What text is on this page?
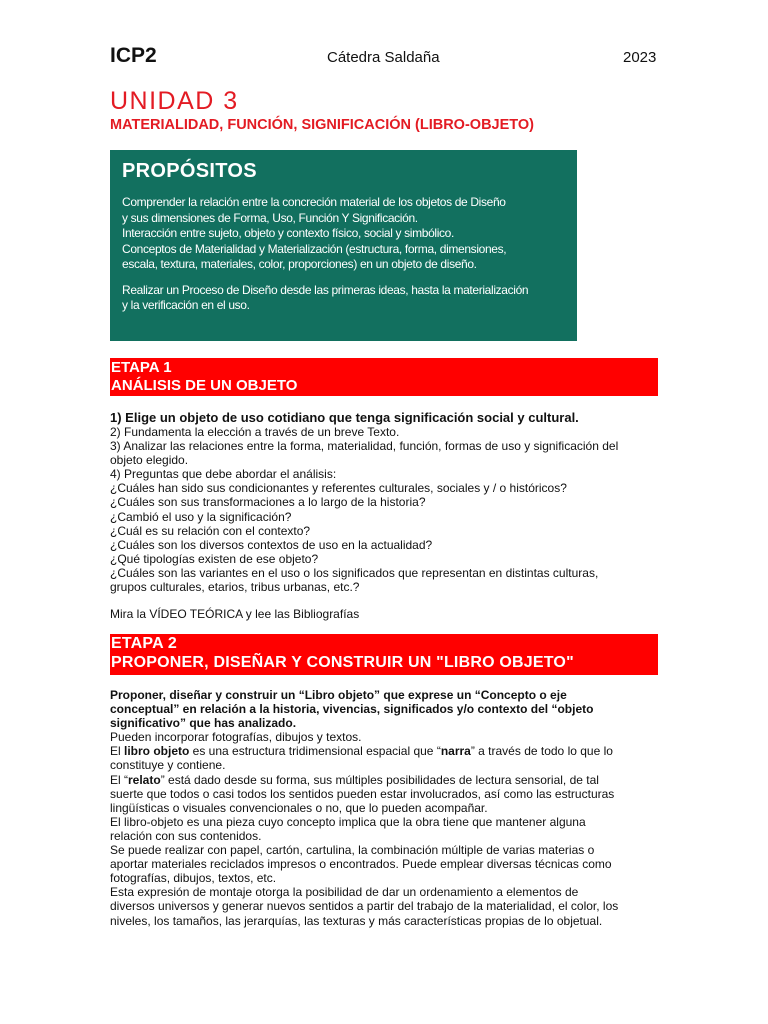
ICP2	Cátedra Saldaña	2023
UNIDAD 3
MATERIALIDAD, FUNCIÓN, SIGNIFICACIÓN (LIBRO-OBJETO)
PROPÓSITOS
Comprender la relación entre la concreción material de los objetos de Diseño
y sus dimensiones de Forma, Uso, Función Y Significación.
Interacción entre sujeto, objeto y contexto físico, social y simbólico.
Conceptos de Materialidad y Materialización (estructura, forma, dimensiones,
escala, textura, materiales, color, proporciones) en un objeto de diseño.
Realizar un Proceso de Diseño desde las primeras ideas, hasta la materialización
y la verificación en el uso.
ETAPA 1
ANÁLISIS DE UN OBJETO
1) Elige un objeto de uso cotidiano que tenga significación social y cultural.
2) Fundamenta la elección a través de un breve Texto.
3) Analizar las relaciones entre la forma, materialidad, función, formas de uso y significación del
objeto elegido.
4) Preguntas que debe abordar el análisis:
¿Cuáles han sido sus condicionantes y referentes culturales, sociales y / o históricos?
¿Cuáles son sus transformaciones a lo largo de la historia?
¿Cambió el uso y la significación?
¿Cuál es su relación con el contexto?
¿Cuáles son los diversos contextos de uso en la actualidad?
¿Qué tipologías existen de ese objeto?
¿Cuáles son las variantes en el uso o los significados que representan en distintas culturas,
grupos culturales, etarios, tribus urbanas, etc.?
Mira la VÍDEO TEÓRICA y lee las Bibliografías
ETAPA 2
PROPONER, DISEÑAR Y CONSTRUIR UN "LIBRO OBJETO"
Proponer, diseñar y construir un “Libro objeto” que exprese un “Concepto o eje
conceptual” en relación a la historia, vivencias, significados y/o contexto del “objeto
significativo” que has analizado.
Pueden incorporar fotografías, dibujos y textos.
El libro objeto es una estructura tridimensional espacial que “narra” a través de todo lo que lo
constituye y contiene.
El “relato” está dado desde su forma, sus múltiples posibilidades de lectura sensorial, de tal
suerte que todos o casi todos los sentidos pueden estar involucrados, así como las estructuras
lingüísticas o visuales convencionales o no, que lo pueden acompañar.
El libro-objeto es una pieza cuyo concepto implica que la obra tiene que mantener alguna
relación con sus contenidos.
Se puede realizar con papel, cartón, cartulina, la combinación múltiple de varias materias o
aportar materiales reciclados impresos o encontrados. Puede emplear diversas técnicas como
fotografías, dibujos, textos, etc.
Esta expresión de montaje otorga la posibilidad de dar un ordenamiento a elementos de
diversos universos y generar nuevos sentidos a partir del trabajo de la materialidad, el color, los
niveles, los tamaños, las jerarquías, las texturas y más características propias de lo objetual.
